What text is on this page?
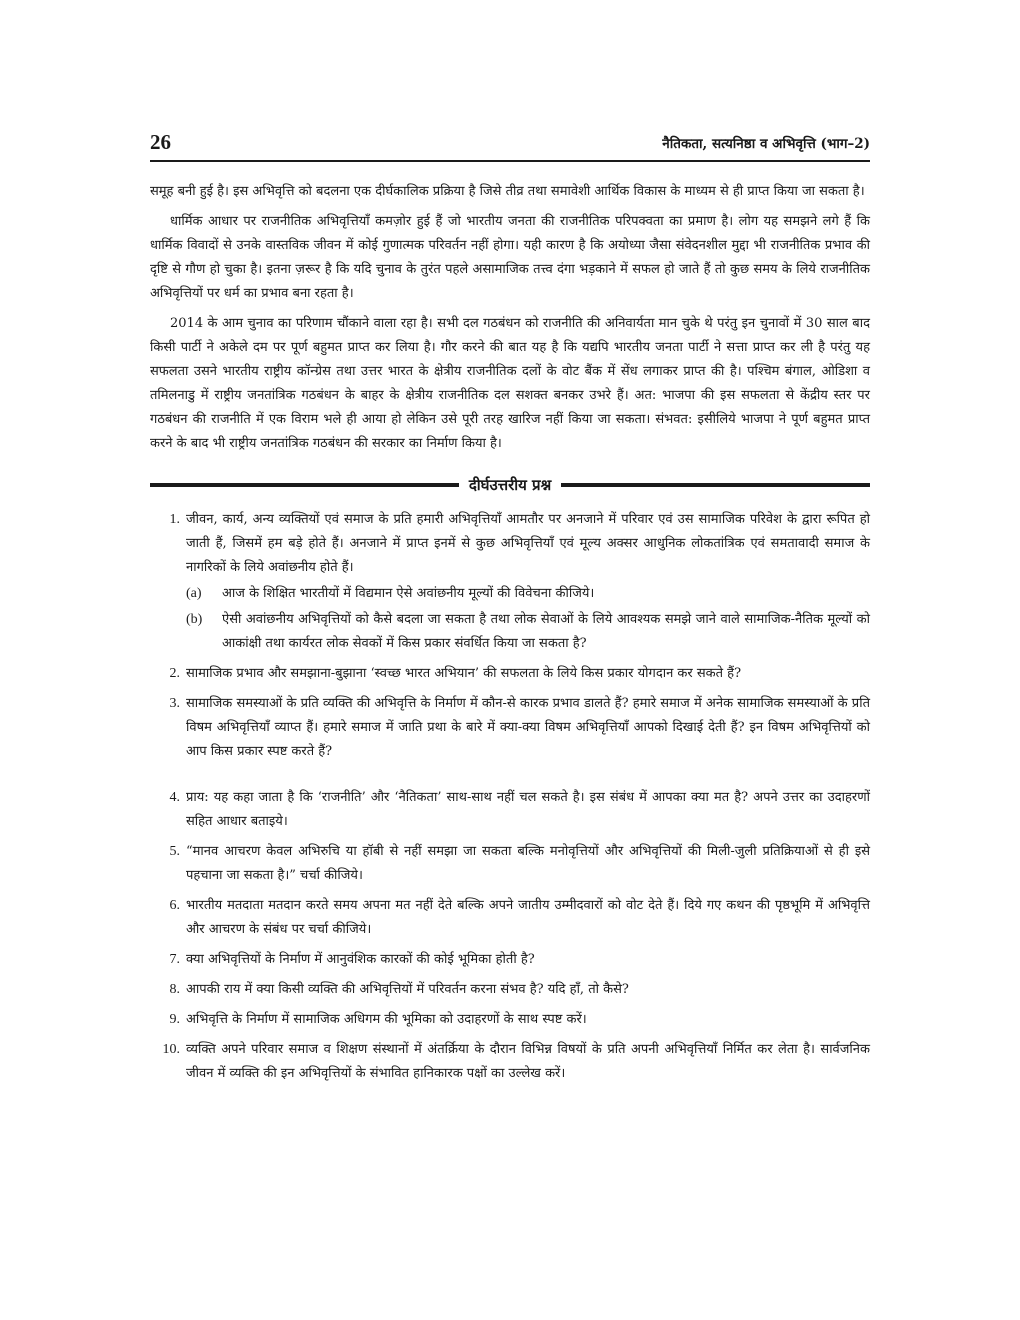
26	नैतिकता, सत्यनिष्ठा व अभिवृत्ति (भाग–2)

समूह बनी हुई है। इस अभिवृत्ति को बदलना एक दीर्घकालिक प्रक्रिया है जिसे तीव्र तथा समावेशी आर्थिक विकास के माध्यम से ही प्राप्त किया जा सकता है।

धार्मिक आधार पर राजनीतिक अभिवृत्तियाँ कमज़ोर हुई हैं जो भारतीय जनता की राजनीतिक परिपक्वता का प्रमाण है। लोग यह समझने लगे हैं कि धार्मिक विवादों से उनके वास्तविक जीवन में कोई गुणात्मक परिवर्तन नहीं होगा। यही कारण है कि अयोध्या जैसा संवेदनशील मुद्दा भी राजनीतिक प्रभाव की दृष्टि से गौण हो चुका है। इतना ज़रूर है कि यदि चुनाव के तुरंत पहले असामाजिक तत्त्व दंगा भड़काने में सफल हो जाते हैं तो कुछ समय के लिये राजनीतिक अभिवृत्तियों पर धर्म का प्रभाव बना रहता है।

2014 के आम चुनाव का परिणाम चौंकाने वाला रहा है। सभी दल गठबंधन को राजनीति की अनिवार्यता मान चुके थे परंतु इन चुनावों में 30 साल बाद किसी पार्टी ने अकेले दम पर पूर्ण बहुमत प्राप्त कर लिया है। गौर करने की बात यह है कि यद्यपि भारतीय जनता पार्टी ने सत्ता प्राप्त कर ली है परंतु यह सफलता उसने भारतीय राष्ट्रीय कॉन्ग्रेस तथा उत्तर भारत के क्षेत्रीय राजनीतिक दलों के वोट बैंक में सेंध लगाकर प्राप्त की है। पश्चिम बंगाल, ओडिशा व तमिलनाडु में राष्ट्रीय जनतांत्रिक गठबंधन के बाहर के क्षेत्रीय राजनीतिक दल सशक्त बनकर उभरे हैं। अत: भाजपा की इस सफलता से केंद्रीय स्तर पर गठबंधन की राजनीति में एक विराम भले ही आया हो लेकिन उसे पूरी तरह खारिज नहीं किया जा सकता। संभवत: इसीलिये भाजपा ने पूर्ण बहुमत प्राप्त करने के बाद भी राष्ट्रीय जनतांत्रिक गठबंधन की सरकार का निर्माण किया है।

दीर्घउत्तरीय प्रश्न
1. जीवन, कार्य, अन्य व्यक्तियों एवं समाज के प्रति हमारी अभिवृत्तियाँ आमतौर पर अनजाने में परिवार एवं उस सामाजिक परिवेश के द्वारा रूपित हो जाती हैं, जिसमें हम बड़े होते हैं। अनजाने में प्राप्त इनमें से कुछ अभिवृत्तियाँ एवं मूल्य अक्सर आधुनिक लोकतांत्रिक एवं समतावादी समाज के नागरिकों के लिये अवांछनीय होते हैं।
(a)	आज के शिक्षित भारतीयों में विद्यमान ऐसे अवांछनीय मूल्यों की विवेचना कीजिये।
(b)	ऐसी अवांछनीय अभिवृत्तियों को कैसे बदला जा सकता है तथा लोक सेवाओं के लिये आवश्यक समझे जाने वाले सामाजिक-नैतिक मूल्यों को आकांक्षी तथा कार्यरत लोक सेवकों में किस प्रकार संवर्धित किया जा सकता है?
2. सामाजिक प्रभाव और समझाना-बुझाना ‘स्वच्छ भारत अभियान’ की सफलता के लिये किस प्रकार योगदान कर सकते हैं?
3. सामाजिक समस्याओं के प्रति व्यक्ति की अभिवृत्ति के निर्माण में कौन-से कारक प्रभाव डालते हैं? हमारे समाज में अनेक सामाजिक समस्याओं के प्रति विषम अभिवृत्तियाँ व्याप्त हैं। हमारे समाज में जाति प्रथा के बारे में क्या-क्या विषम अभिवृत्तियाँ आपको दिखाई देती हैं? इन विषम अभिवृत्तियों को आप किस प्रकार स्पष्ट करते हैं?
4. प्राय: यह कहा जाता है कि ‘राजनीति’ और ‘नैतिकता’ साथ-साथ नहीं चल सकते है। इस संबंध में आपका क्या मत है? अपने उत्तर का उदाहरणों सहित आधार बताइये।
5. “मानव आचरण केवल अभिरुचि या हॉबी से नहीं समझा जा सकता बल्कि मनोवृत्तियों और अभिवृत्तियों की मिली-जुली प्रतिक्रियाओं से ही इसे पहचाना जा सकता है।” चर्चा कीजिये।
6. भारतीय मतदाता मतदान करते समय अपना मत नहीं देते बल्कि अपने जातीय उम्मीदवारों को वोट देते हैं। दिये गए कथन की पृष्ठभूमि में अभिवृत्ति और आचरण के संबंध पर चर्चा कीजिये।
7. क्या अभिवृत्तियों के निर्माण में आनुवंशिक कारकों की कोई भूमिका होती है?
8. आपकी राय में क्या किसी व्यक्ति की अभिवृत्तियों में परिवर्तन करना संभव है? यदि हाँ, तो कैसे?
9. अभिवृत्ति के निर्माण में सामाजिक अधिगम की भूमिका को उदाहरणों के साथ स्पष्ट करें।
10. व्यक्ति अपने परिवार समाज व शिक्षण संस्थानों में अंतर्क्रिया के दौरान विभिन्न विषयों के प्रति अपनी अभिवृत्तियाँ निर्मित कर लेता है। सार्वजनिक जीवन में व्यक्ति की इन अभिवृत्तियों के संभावित हानिकारक पक्षों का उल्लेख करें।
